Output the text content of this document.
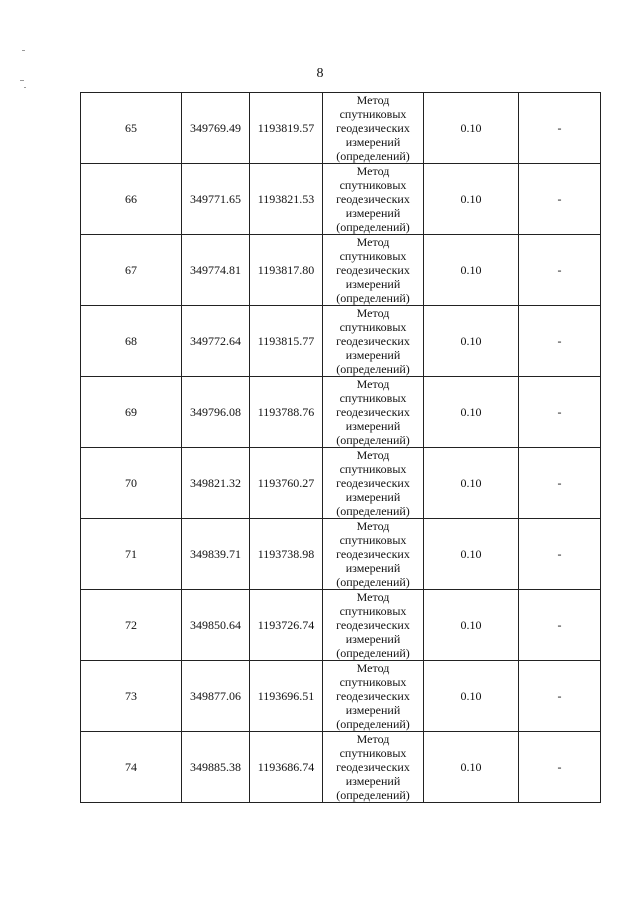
8
65	349769.49	1193819.57	Метод
спутниковых
геодезических
измерений
(определений)	0.10	-
66	349771.65	1193821.53	Метод
спутниковых
геодезических
измерений
(определений)	0.10	-
67	349774.81	1193817.80	Метод
спутниковых
геодезических
измерений
(определений)	0.10	-
68	349772.64	1193815.77	Метод
спутниковых
геодезических
измерений
(определений)	0.10	-
69	349796.08	1193788.76	Метод
спутниковых
геодезических
измерений
(определений)	0.10	-
70	349821.32	1193760.27	Метод
спутниковых
геодезических
измерений
(определений)	0.10	-
71	349839.71	1193738.98	Метод
спутниковых
геодезических
измерений
(определений)	0.10	-
72	349850.64	1193726.74	Метод
спутниковых
геодезических
измерений
(определений)	0.10	-
73	349877.06	1193696.51	Метод
спутниковых
геодезических
измерений
(определений)	0.10	-
74	349885.38	1193686.74	Метод
спутниковых
геодезических
измерений
(определений)	0.10	-
